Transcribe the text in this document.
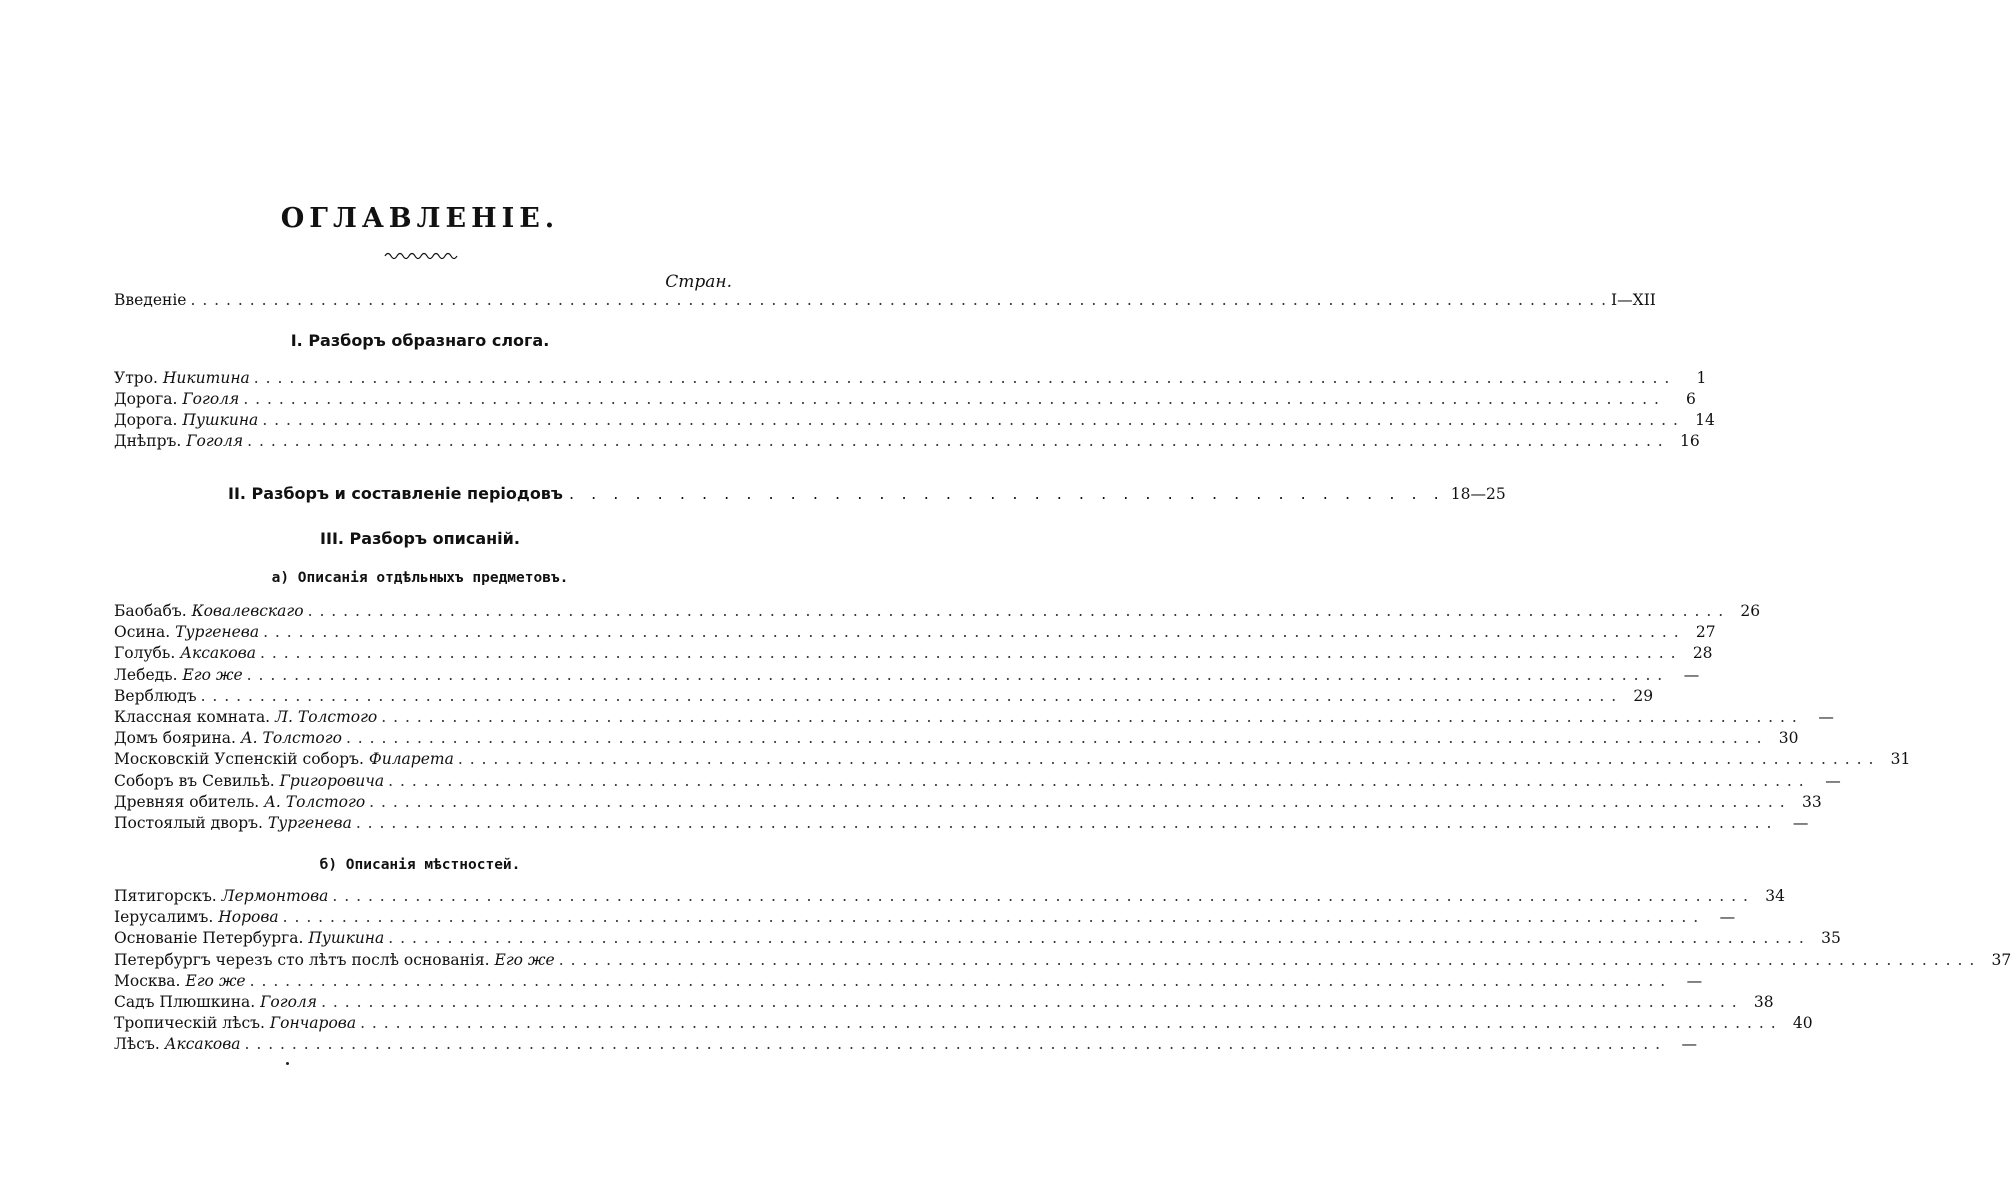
ОГЛАВЛЕНІЕ.
Стран.
Введеніе . . . . . . . . . . . . . . . . . . . . . . . . . . . . . . . . . . . . . . . . . . . . . . . . . . . . . . . . . . . . . . . . . . . . . . . . . . . . . . . . . . . . . . . . . . . . . . . . . . . . . . . . . . . . . . . . . . . . . . . . I—XII
I. Разборъ образнаго слога.
Утро. Никитина . . . . . . . . . . . . . . . . . . . . . . . . . . . . . . . . . . . . . . . . . . . . . . . . . . . . . . . . . . . . . . . . . . . . . . . . . . . . . . . . . . . . . . . . . . . . . . . . . . . . . . . . . . . . . . . . . . . . . . . .	1
Дорога. Гоголя . . . . . . . . . . . . . . . . . . . . . . . . . . . . . . . . . . . . . . . . . . . . . . . . . . . . . . . . . . . . . . . . . . . . . . . . . . . . . . . . . . . . . . . . . . . . . . . . . . . . . . . . . . . . . . . . . . . . . . . .	6
Дорога. Пушкина . . . . . . . . . . . . . . . . . . . . . . . . . . . . . . . . . . . . . . . . . . . . . . . . . . . . . . . . . . . . . . . . . . . . . . . . . . . . . . . . . . . . . . . . . . . . . . . . . . . . . . . . . . . . . . . . . . . . . . . .	14
Днѣпръ. Гоголя . . . . . . . . . . . . . . . . . . . . . . . . . . . . . . . . . . . . . . . . . . . . . . . . . . . . . . . . . . . . . . . . . . . . . . . . . . . . . . . . . . . . . . . . . . . . . . . . . . . . . . . . . . . . . . . . . . . . . . . .	16
II. Разборъ и составленіе періодовъ . . . . . . . . . . . . . . . . . . . . . . . . . . . . . . . . . . . . . . . . 18—25
III. Разборъ описаній.
а) Описанія отдѣльныхъ предметовъ.
Баобабъ. Ковалевскаго . . . . . . . . . . . . . . . . . . . . . . . . . . . . . . . . . . . . . . . . . . . . . . . . . . . . . . . . . . . . . . . . . . . . . . . . . . . . . . . . . . . . . . . . . . . . . . . . . . . . . . . . . . . . . . . . . . . . . . . .	26
Осина. Тургенева . . . . . . . . . . . . . . . . . . . . . . . . . . . . . . . . . . . . . . . . . . . . . . . . . . . . . . . . . . . . . . . . . . . . . . . . . . . . . . . . . . . . . . . . . . . . . . . . . . . . . . . . . . . . . . . . . . . . . . . .	27
Голубь. Аксакова . . . . . . . . . . . . . . . . . . . . . . . . . . . . . . . . . . . . . . . . . . . . . . . . . . . . . . . . . . . . . . . . . . . . . . . . . . . . . . . . . . . . . . . . . . . . . . . . . . . . . . . . . . . . . . . . . . . . . . . .	28
Лебедь. Его же . . . . . . . . . . . . . . . . . . . . . . . . . . . . . . . . . . . . . . . . . . . . . . . . . . . . . . . . . . . . . . . . . . . . . . . . . . . . . . . . . . . . . . . . . . . . . . . . . . . . . . . . . . . . . . . . . . . . . . . .	—
Верблюдъ . . . . . . . . . . . . . . . . . . . . . . . . . . . . . . . . . . . . . . . . . . . . . . . . . . . . . . . . . . . . . . . . . . . . . . . . . . . . . . . . . . . . . . . . . . . . . . . . . . . . . . . . . . . . . . . . . . . . . . . .	29
Классная комната. Л. Толстого . . . . . . . . . . . . . . . . . . . . . . . . . . . . . . . . . . . . . . . . . . . . . . . . . . . . . . . . . . . . . . . . . . . . . . . . . . . . . . . . . . . . . . . . . . . . . . . . . . . . . . . . . . . . . . . . . . . . . . . .	—
Домъ боярина. А. Толстого . . . . . . . . . . . . . . . . . . . . . . . . . . . . . . . . . . . . . . . . . . . . . . . . . . . . . . . . . . . . . . . . . . . . . . . . . . . . . . . . . . . . . . . . . . . . . . . . . . . . . . . . . . . . . . . . . . . . . . . .	30
Московскій Успенскій соборъ. Филарета . . . . . . . . . . . . . . . . . . . . . . . . . . . . . . . . . . . . . . . . . . . . . . . . . . . . . . . . . . . . . . . . . . . . . . . . . . . . . . . . . . . . . . . . . . . . . . . . . . . . . . . . . . . . . . . . . . . . . . . .	31
Соборъ въ Севильѣ. Григоровича . . . . . . . . . . . . . . . . . . . . . . . . . . . . . . . . . . . . . . . . . . . . . . . . . . . . . . . . . . . . . . . . . . . . . . . . . . . . . . . . . . . . . . . . . . . . . . . . . . . . . . . . . . . . . . . . . . . . . . . .	—
Древняя обитель. А. Толстого . . . . . . . . . . . . . . . . . . . . . . . . . . . . . . . . . . . . . . . . . . . . . . . . . . . . . . . . . . . . . . . . . . . . . . . . . . . . . . . . . . . . . . . . . . . . . . . . . . . . . . . . . . . . . . . . . . . . . . . .	33
Постоялый дворъ. Тургенева . . . . . . . . . . . . . . . . . . . . . . . . . . . . . . . . . . . . . . . . . . . . . . . . . . . . . . . . . . . . . . . . . . . . . . . . . . . . . . . . . . . . . . . . . . . . . . . . . . . . . . . . . . . . . . . . . . . . . . . .	—
б) Описанія мѣстностей.
Пятигорскъ. Лермонтова . . . . . . . . . . . . . . . . . . . . . . . . . . . . . . . . . . . . . . . . . . . . . . . . . . . . . . . . . . . . . . . . . . . . . . . . . . . . . . . . . . . . . . . . . . . . . . . . . . . . . . . . . . . . . . . . . . . . . . . .	34
Іерусалимъ. Норова . . . . . . . . . . . . . . . . . . . . . . . . . . . . . . . . . . . . . . . . . . . . . . . . . . . . . . . . . . . . . . . . . . . . . . . . . . . . . . . . . . . . . . . . . . . . . . . . . . . . . . . . . . . . . . . . . . . . . . . .	—
Основаніе Петербурга. Пушкина . . . . . . . . . . . . . . . . . . . . . . . . . . . . . . . . . . . . . . . . . . . . . . . . . . . . . . . . . . . . . . . . . . . . . . . . . . . . . . . . . . . . . . . . . . . . . . . . . . . . . . . . . . . . . . . . . . . . . . . .	35
Петербургъ черезъ сто лѣтъ послѣ основанія. Его же . . . . . . . . . . . . . . . . . . . . . . . . . . . . . . . . . . . . . . . . . . . . . . . . . . . . . . . . . . . . . . . . . . . . . . . . . . . . . . . . . . . . . . . . . . . . . . . . . . . . . . . . . . . . . . . . . . . . . . . .	37
Москва. Его же . . . . . . . . . . . . . . . . . . . . . . . . . . . . . . . . . . . . . . . . . . . . . . . . . . . . . . . . . . . . . . . . . . . . . . . . . . . . . . . . . . . . . . . . . . . . . . . . . . . . . . . . . . . . . . . . . . . . . . . .	—
Садъ Плюшкина. Гоголя . . . . . . . . . . . . . . . . . . . . . . . . . . . . . . . . . . . . . . . . . . . . . . . . . . . . . . . . . . . . . . . . . . . . . . . . . . . . . . . . . . . . . . . . . . . . . . . . . . . . . . . . . . . . . . . . . . . . . . . .	38
Тропическій лѣсъ. Гончарова . . . . . . . . . . . . . . . . . . . . . . . . . . . . . . . . . . . . . . . . . . . . . . . . . . . . . . . . . . . . . . . . . . . . . . . . . . . . . . . . . . . . . . . . . . . . . . . . . . . . . . . . . . . . . . . . . . . . . . . .	40
Лѣсъ. Аксакова . . . . . . . . . . . . . . . . . . . . . . . . . . . . . . . . . . . . . . . . . . . . . . . . . . . . . . . . . . . . . . . . . . . . . . . . . . . . . . . . . . . . . . . . . . . . . . . . . . . . . . . . . . . . . . . . . . . . . . . .	—
